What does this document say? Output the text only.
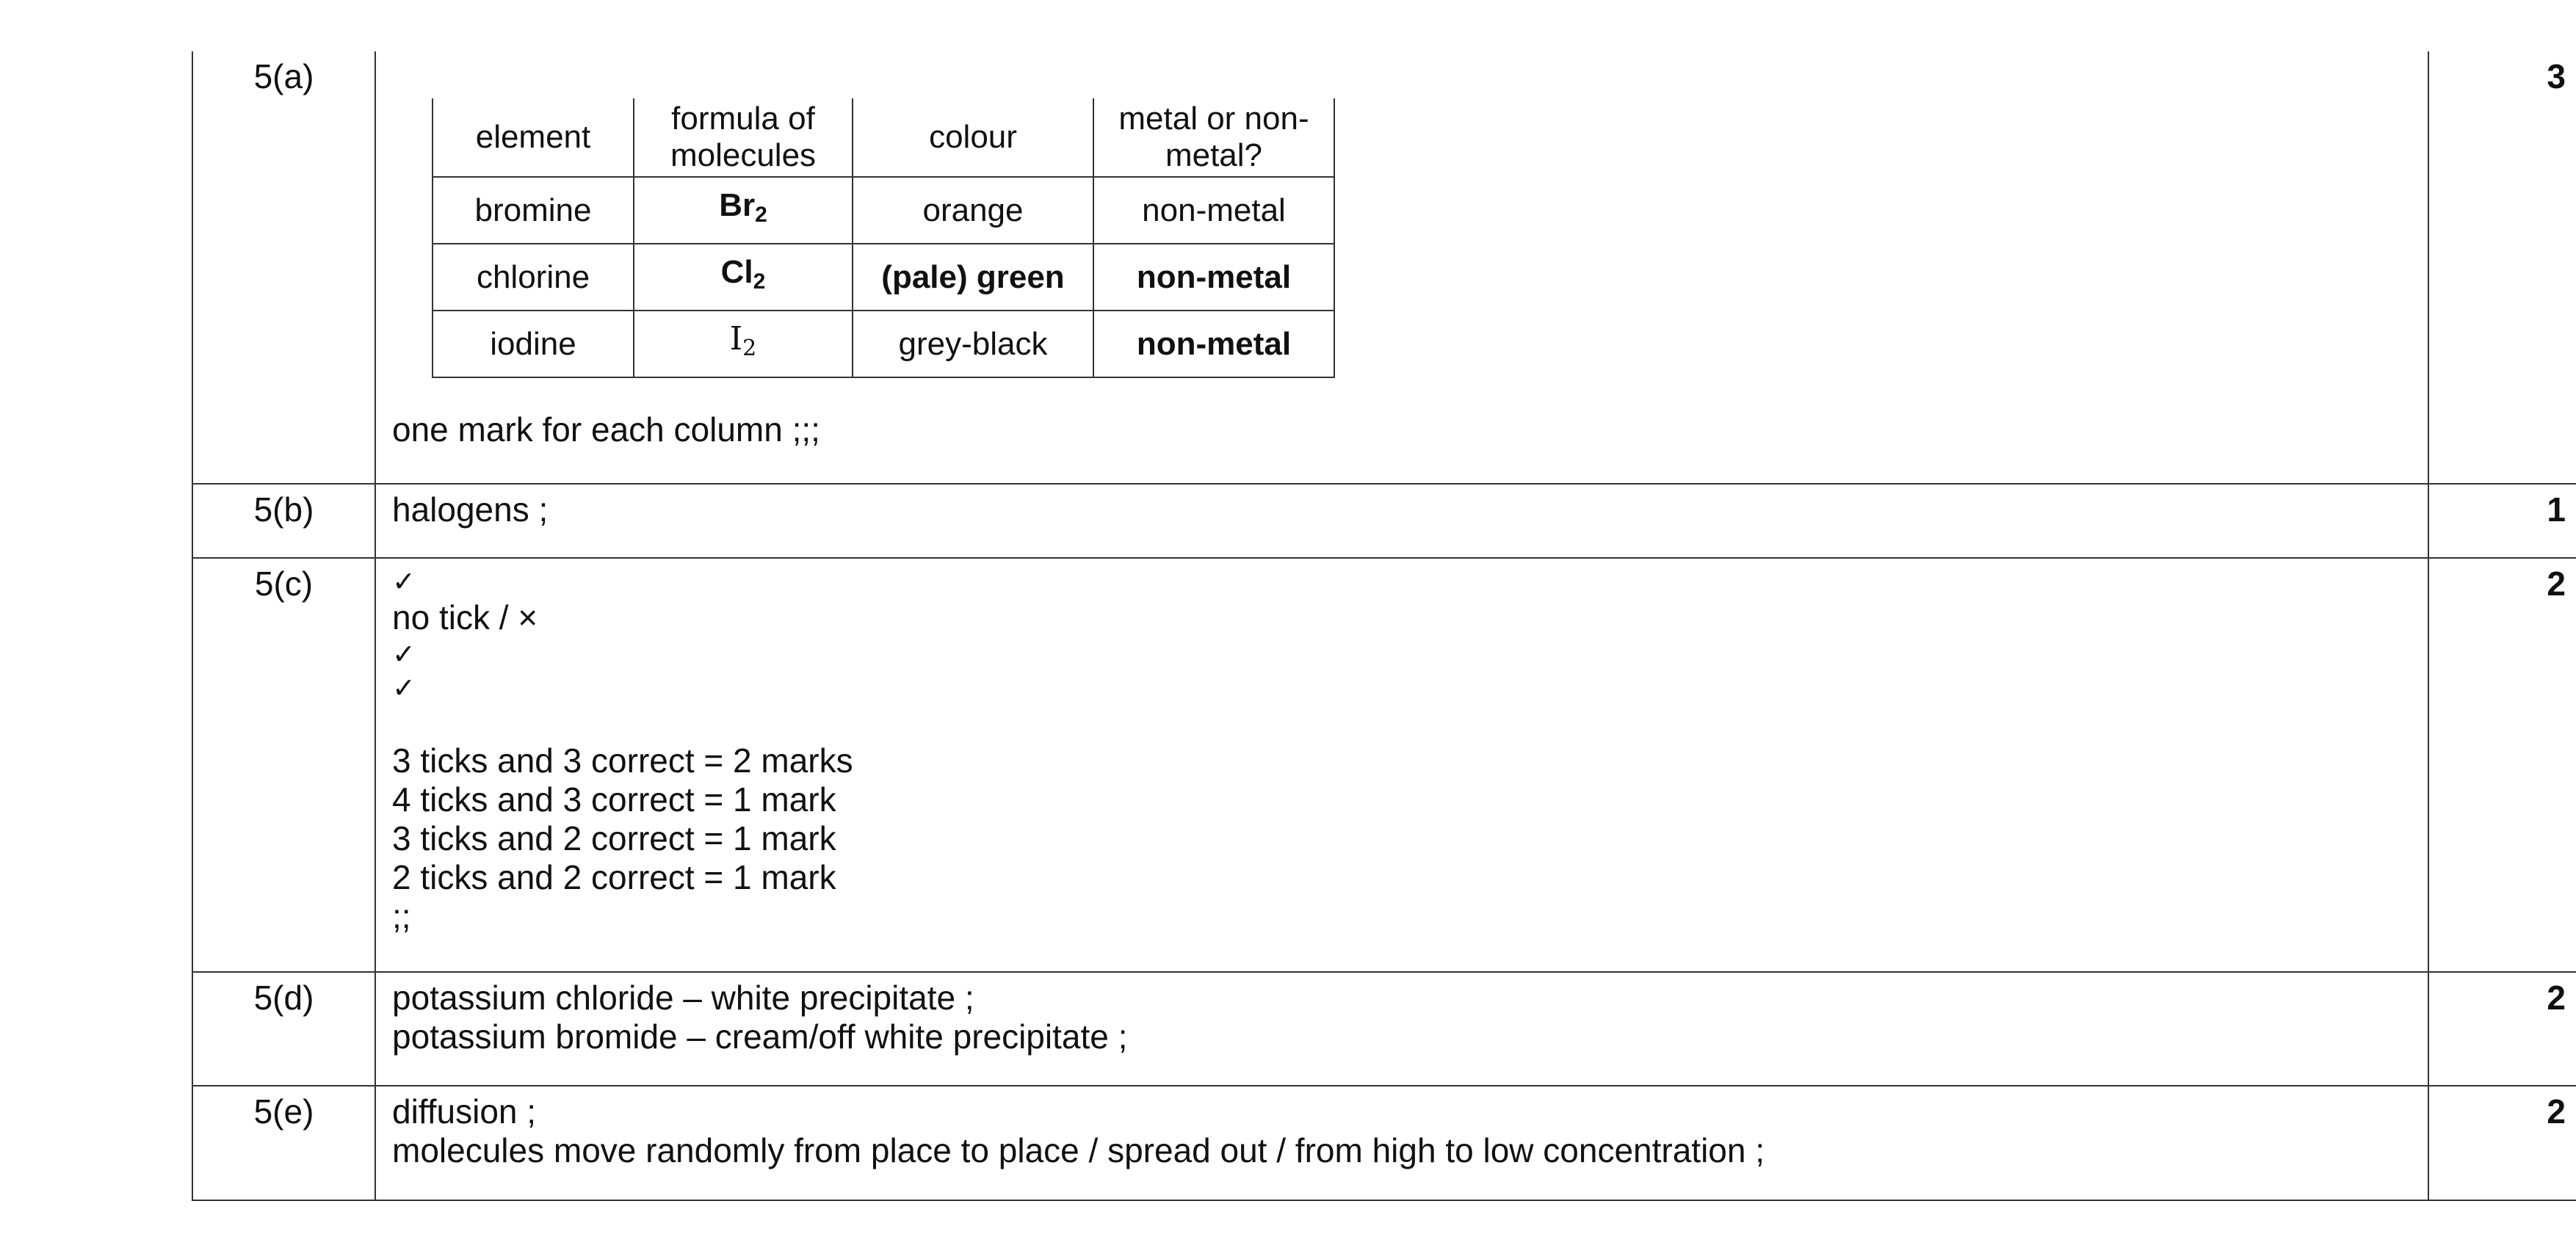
5(a)	
element	formula of molecules	colour	metal or non-metal?
bromine	$Br_2$	orange	non-metal
chlorine	$Cl_2$	(pale) green	non-metal
iodine	$I_2$	grey-black	non-metal
one mark for each column ;;;
	3
5(b)	halogens ;	1
5(c)	✓
no tick / ×
✓
✓
3 ticks and 3 correct = 2 marks
4 ticks and 3 correct = 1 mark
3 ticks and 2 correct = 1 mark
2 ticks and 2 correct = 1 mark
;;
	2
5(d)	potassium chloride – white precipitate ;
potassium bromide – cream/off white precipitate ;
	2
5(e)	diffusion ;
molecules move randomly from place to place / spread out / from high to low concentration ;
	2
